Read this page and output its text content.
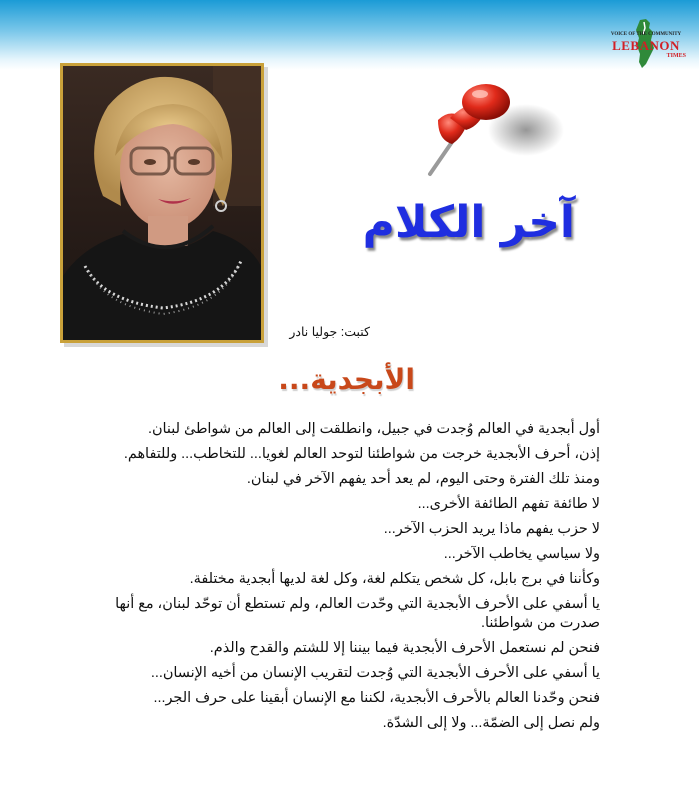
VOICE OF THE COMMUNITY
LEBANON
TIMES
آخر الكلام
كتبت: جوليا نادر
الأبجدية...

أول أبجدية في العالم وُجدت في جبيل، وانطلقت إلى العالم من شواطئ لبنان.

إذن، أحرف الأبجدية خرجت من شواطئنا لتوحد العالم لغويا... للتخاطب... وللتفاهم.

ومنذ تلك الفترة وحتى اليوم، لم يعد أحد يفهم الآخر في لبنان.

لا طائفة تفهم الطائفة الأخرى...

لا حزب يفهم ماذا يريد الحزب الآخر...

ولا سياسي يخاطب الآخر...

وكأننا في برج بابل، كل شخص يتكلم لغة، وكل لغة لديها أبجدية مختلفة.

يا أسفي على الأحرف الأبجدية التي وحّدت العالم، ولم تستطع أن توحّد لبنان، مع أنها صدرت من شواطئنا.

فنحن لم نستعمل الأحرف الأبجدية فيما بيننا إلا للشتم والقدح والذم.

يا أسفي على الأحرف الأبجدية التي وُجدت لتقريب الإنسان من أخيه الإنسان...

فنحن وحّدنا العالم بالأحرف الأبجدية، لكننا مع الإنسان أبقينا على حرف الجر...

ولم نصل إلى الضمّة... ولا إلى الشدّة.
